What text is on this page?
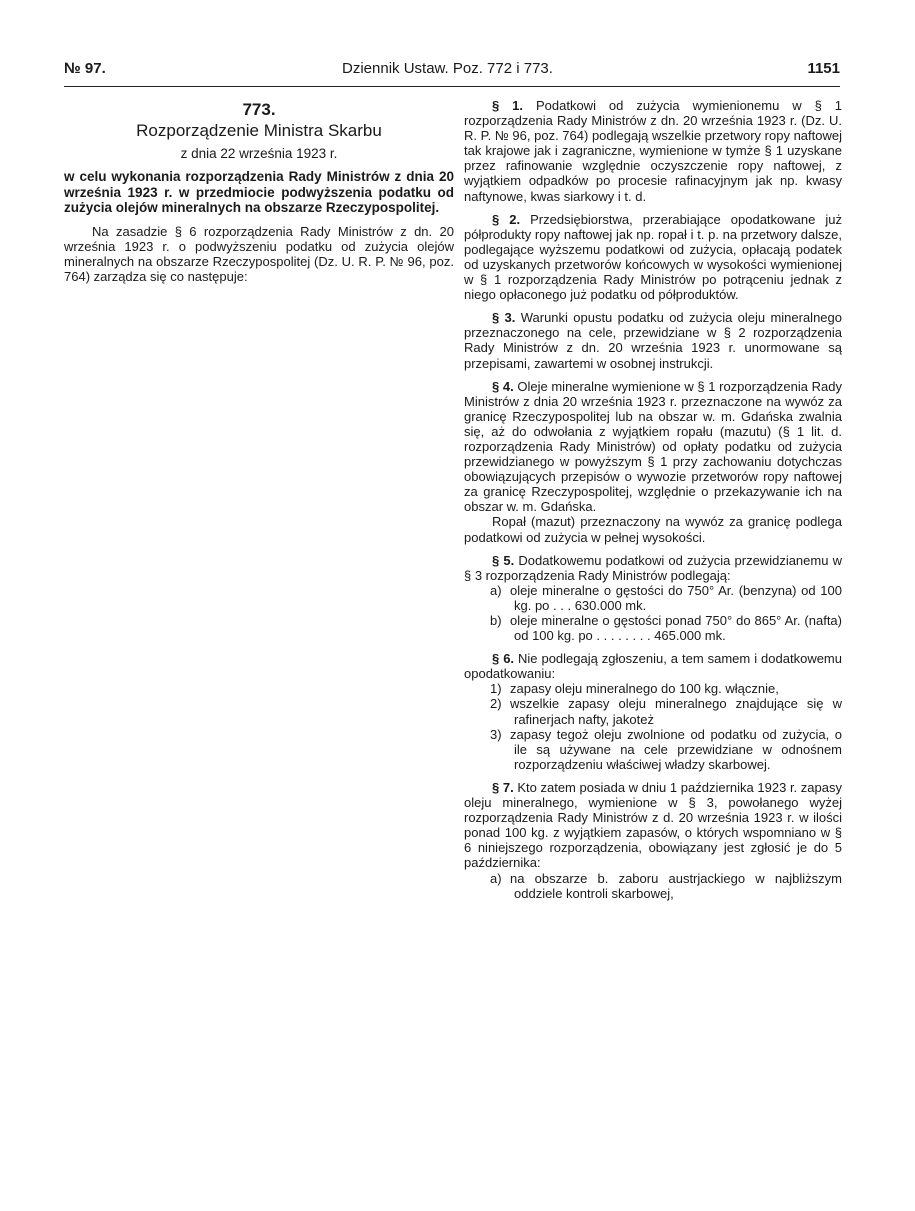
№ 97.	Dziennik Ustaw. Poz. 772 i 773.	1151
773.
Rozporządzenie Ministra Skarbu
z dnia 22 września 1923 r.
w celu wykonania rozporządzenia Rady Ministrów z dnia 20 września 1923 r. w przedmiocie podwyższenia podatku od zużycia olejów mineralnych na obszarze Rzeczypospolitej.

Na zasadzie § 6 rozporządzenia Rady Ministrów z dn. 20 września 1923 r. o podwyższeniu podatku od zużycia olejów mineralnych na obszarze Rzeczypospolitej (Dz. U. R. P. № 96, poz. 764) zarządza się co następuje:

§ 1. Podatkowi od zużycia wymienionemu w § 1 rozporządzenia Rady Ministrów z dn. 20 września 1923 r. (Dz. U. R. P. № 96, poz. 764) podlegają wszelkie przetwory ropy naftowej tak krajowe jak i zagraniczne, wymienione w tymże § 1 uzyskane przez rafinowanie względnie oczyszczenie ropy naftowej, z wyjątkiem odpadków po procesie rafinacyjnym jak np. kwasy naftynowe, kwas siarkowy i t. d.

§ 2. Przedsiębiorstwa, przerabiające opodatkowane już półprodukty ropy naftowej jak np. ropał i t. p. na przetwory dalsze, podlegające wyższemu podatkowi od zużycia, opłacają podatek od uzyskanych przetworów końcowych w wysokości wymienionej w § 1 rozporządzenia Rady Ministrów po potrąceniu jednak z niego opłaconego już podatku od półproduktów.

§ 3. Warunki opustu podatku od zużycia oleju mineralnego przeznaczonego na cele, przewidziane w § 2 rozporządzenia Rady Ministrów z dn. 20 września 1923 r. unormowane są przepisami, zawartemi w osobnej instrukcji.

§ 4. Oleje mineralne wymienione w § 1 rozporządzenia Rady Ministrów z dnia 20 września 1923 r. przeznaczone na wywóz za granicę Rzeczypospolitej lub na obszar w. m. Gdańska zwalnia się, aż do odwołania z wyjątkiem ropału (mazutu) (§ 1 lit. d. rozporządzenia Rady Ministrów) od opłaty podatku od zużycia przewidzianego w powyższym § 1 przy zachowaniu dotychczas obowiązujących przepisów o wywozie przetworów ropy naftowej za granicę Rzeczypospolitej, względnie o przekazywanie ich na obszar w. m. Gdańska.

Ropał (mazut) przeznaczony na wywóz za granicę podlega podatkowi od zużycia w pełnej wysokości.

§ 5. Dodatkowemu podatkowi od zużycia przewidzianemu w § 3 rozporządzenia Rady Ministrów podlegają:

a) oleje mineralne o gęstości do 750° Ar. (benzyna) od 100 kg. po . . . 630.000 mk.

b) oleje mineralne o gęstości ponad 750° do 865° Ar. (nafta) od 100 kg. po . . . . . . . . 465.000 mk.

§ 6. Nie podlegają zgłoszeniu, a tem samem i dodatkowemu opodatkowaniu:

1) zapasy oleju mineralnego do 100 kg. włącznie,

2) wszelkie zapasy oleju mineralnego znajdujące się w rafinerjach nafty, jakoteż

3) zapasy tegoż oleju zwolnione od podatku od zużycia, o ile są używane na cele przewidziane w odnośnem rozporządzeniu właściwej władzy skarbowej.

§ 7. Kto zatem posiada w dniu 1 października 1923 r. zapasy oleju mineralnego, wymienione w § 3, powołanego wyżej rozporządzenia Rady Ministrów z d. 20 września 1923 r. w ilości ponad 100 kg. z wyjątkiem zapasów, o których wspomniano w § 6 niniejszego rozporządzenia, obowiązany jest zgłosić je do 5 października:

a) na obszarze b. zaboru austrjackiego w najbliższym oddziele kontroli skarbowej,
